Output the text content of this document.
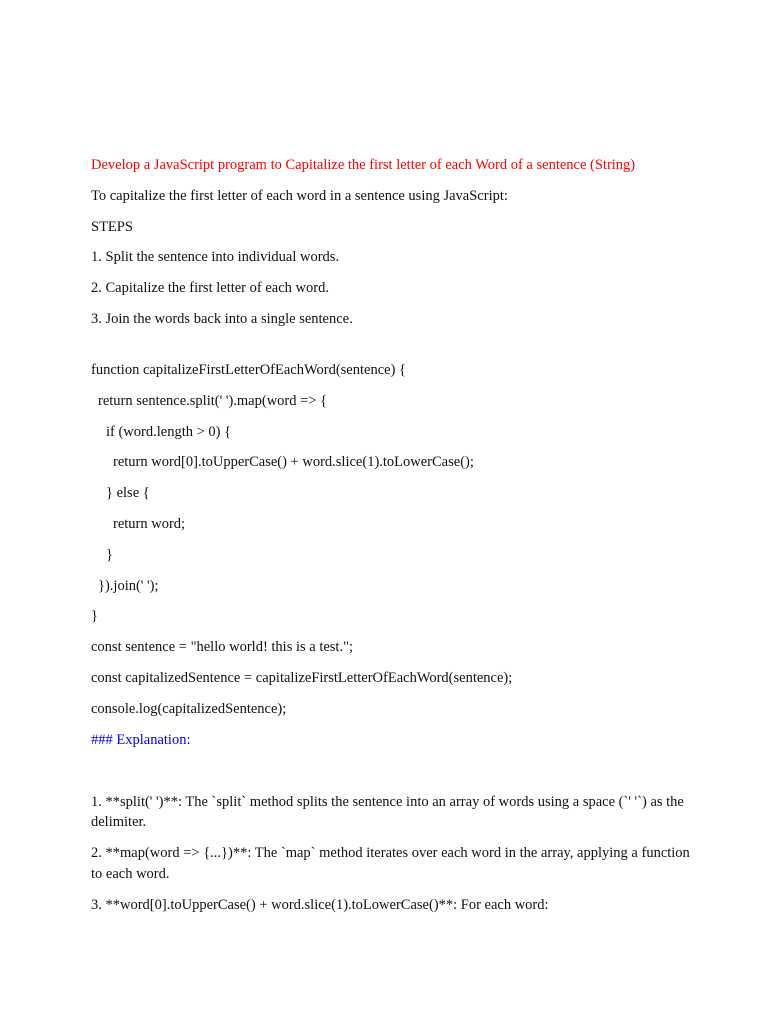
Develop a JavaScript program to Capitalize the first letter of each Word of a sentence (String)
To capitalize the first letter of each word in a sentence using JavaScript:
STEPS
1. Split the sentence into individual words.
2. Capitalize the first letter of each word.
3. Join the words back into a single sentence.
function capitalizeFirstLetterOfEachWord(sentence) {
return sentence.split(' ').map(word => {
if (word.length > 0) {
return word[0].toUpperCase() + word.slice(1).toLowerCase();
} else {
return word;
}
}).join(' ');
}
const sentence = "hello world! this is a test.";
const capitalizedSentence = capitalizeFirstLetterOfEachWord(sentence);
console.log(capitalizedSentence);
### Explanation:
1. **split(' ')**: The `split` method splits the sentence into an array of words using a space (`' '`) as the delimiter.
2. **map(word => {...})**: The `map` method iterates over each word in the array, applying a function to each word.
3. **word[0].toUpperCase() + word.slice(1).toLowerCase()**: For each word:
